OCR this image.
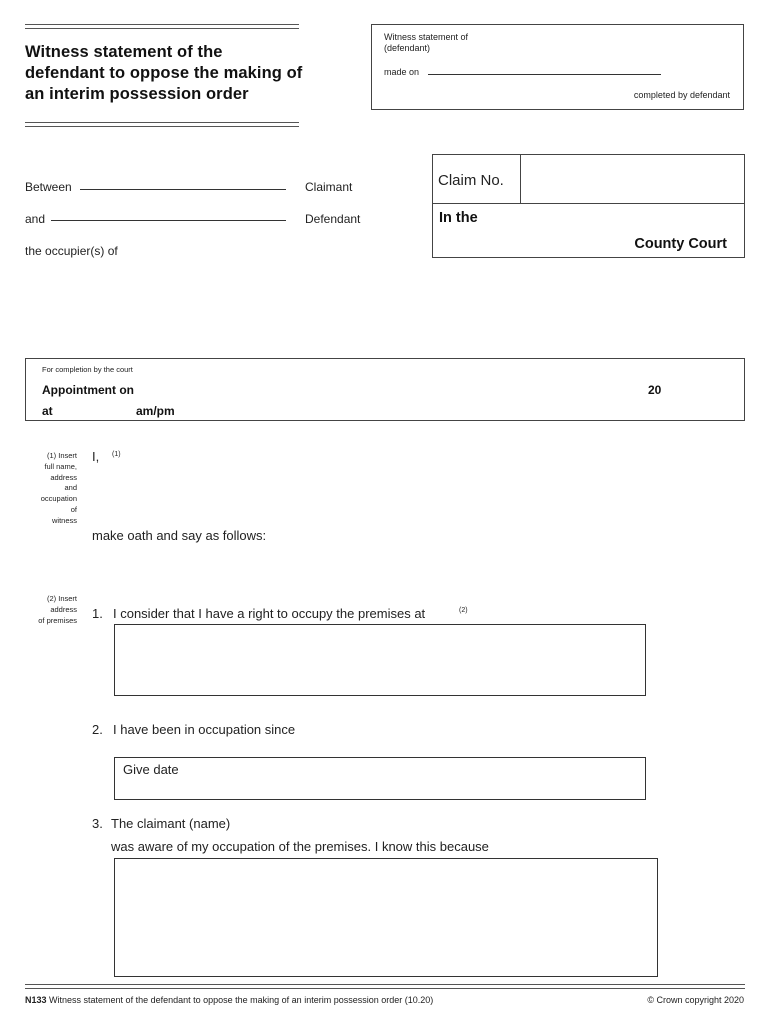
Witness statement of the
defendant to oppose the making of
an interim possession order
Witness statement of
(defendant)
made on
completed by defendant
Between	Claimant
and	Defendant
the occupier(s) of
Claim No.
In the
County Court
For completion by the court
Appointment on	20
at	am/pm
(1) Insert
full name,
address
and
occupation
of
witness
I, (1)
make oath and say as follows:
(2) Insert
address
of premises 1. I consider that I have a right to occupy the premises at	(2)
2. I have been in occupation since
Give date
3. The claimant (name)
was aware of my occupation of the premises. I know this because
N133 Witness statement of the defendant to oppose the making of an interim possession order (10.20)	© Crown copyright 2020
